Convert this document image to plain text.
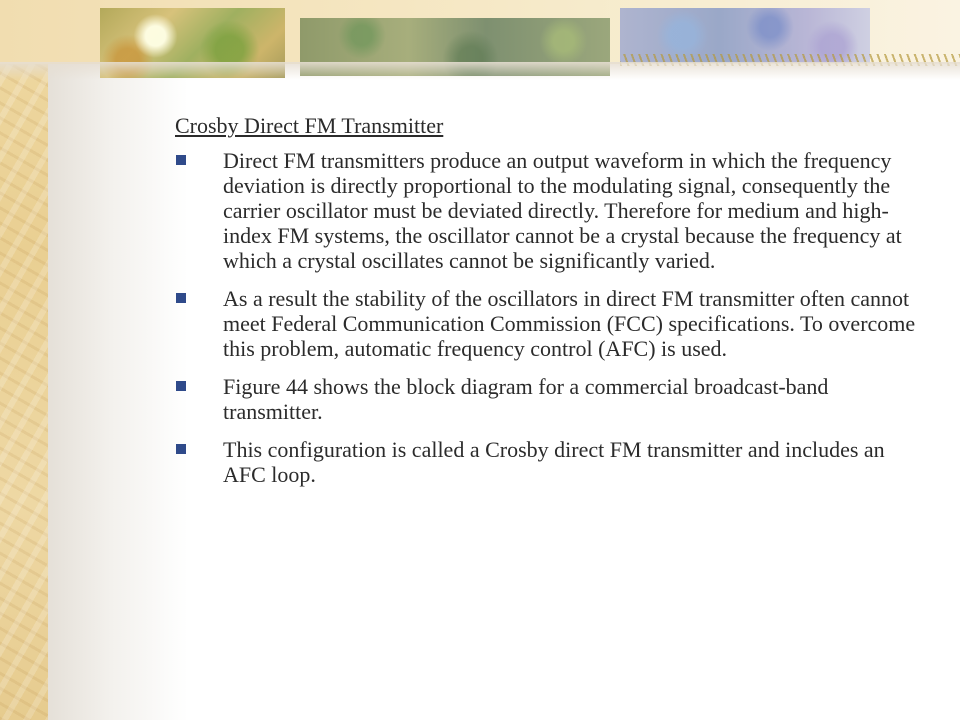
Crosby Direct FM Transmitter
Direct FM transmitters produce an output waveform in which the frequency deviation is directly proportional to the modulating signal, consequently the carrier oscillator must be deviated directly. Therefore for medium and high-index FM systems, the oscillator cannot be a crystal because the frequency at which a crystal oscillates cannot be significantly varied.
As a result the stability of the oscillators in direct FM transmitter often cannot meet Federal Communication Commission (FCC) specifications. To overcome this problem, automatic frequency control (AFC) is used.
Figure 44 shows the block diagram for a commercial broadcast-band transmitter.
This configuration is called a Crosby direct FM transmitter and includes an AFC loop.
